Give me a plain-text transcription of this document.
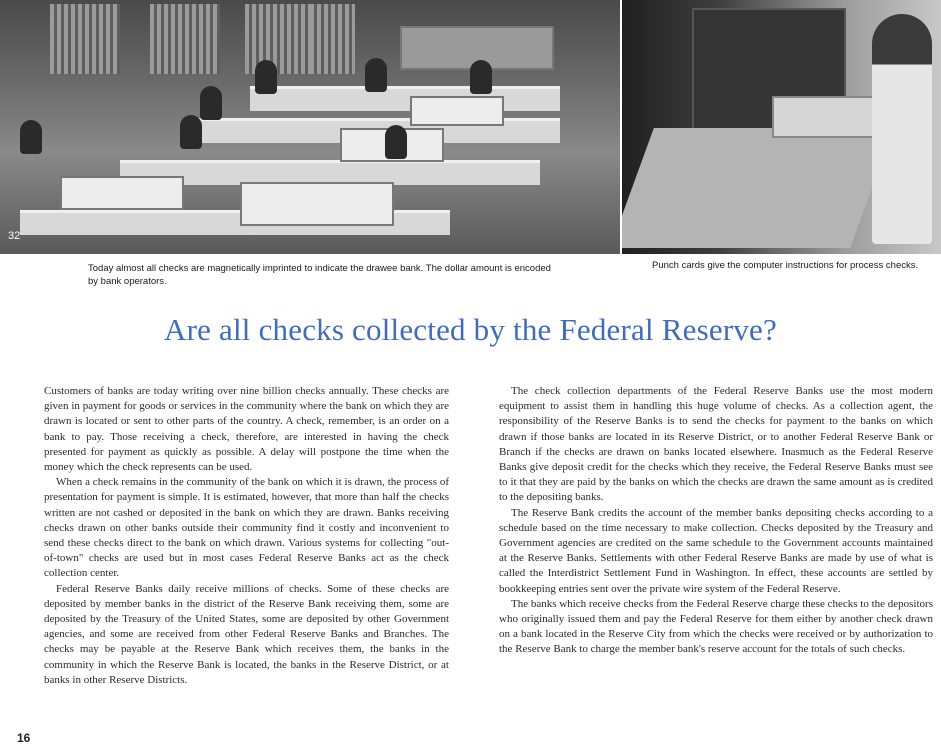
32
Today almost all checks are magnetically imprinted to indicate the drawee bank. The dollar amount is encoded by bank operators.
Punch cards give the computer instructions for process checks.
Are all checks collected by the Federal Reserve?

Customers of banks are today writing over nine billion checks annually. These checks are given in payment for goods or services in the community where the bank on which they are drawn is located or sent to other parts of the country. A check, remember, is an order on a bank to pay. Those receiving a check, therefore, are interested in having the check presented for payment as quickly as possible. A delay will postpone the time when the money which the check represents can be used.

When a check remains in the community of the bank on which it is drawn, the process of presentation for payment is simple. It is estimated, however, that more than half the checks written are not cashed or deposited in the bank on which they are drawn. Banks receiving checks drawn on other banks outside their community find it costly and inconvenient to send these checks direct to the bank on which drawn. Various systems for collecting "out-of-town" checks are used but in most cases Federal Reserve Banks act as the check collection center.

Federal Reserve Banks daily receive millions of checks. Some of these checks are deposited by member banks in the district of the Reserve Bank receiving them, some are deposited by the Treasury of the United States, some are deposited by other Government agencies, and some are received from other Federal Reserve Banks and Branches. The checks may be payable at the Reserve Bank which receives them, the banks in the community in which the Reserve Bank is located, the banks in the Reserve District, or at banks in other Reserve Districts.

The check collection departments of the Federal Reserve Banks use the most modern equipment to assist them in handling this huge volume of checks. As a collection agent, the responsibility of the Reserve Banks is to send the checks for payment to the banks on which drawn if those banks are located in its Reserve District, or to another Federal Reserve Bank or Branch if the checks are drawn on banks located elsewhere. Inasmuch as the Federal Reserve Banks give deposit credit for the checks which they receive, the Federal Reserve Banks must see to it that they are paid by the banks on which the checks are drawn the same amount as is credited to the depositing banks.

The Reserve Bank credits the account of the member banks depositing checks according to a schedule based on the time necessary to make collection. Checks deposited by the Treasury and Government agencies are credited on the same schedule to the Government accounts maintained at the Reserve Banks. Settlements with other Federal Reserve Banks are made by use of what is called the Interdistrict Settlement Fund in Washington. In effect, these accounts are settled by bookkeeping entries sent over the private wire system of the Federal Reserve.

The banks which receive checks from the Federal Reserve charge these checks to the depositors who originally issued them and pay the Federal Reserve for them either by another check drawn on a bank located in the Reserve City from which the checks were received or by authorization to the Reserve Bank to charge the member bank's reserve account for the totals of such checks.

16
